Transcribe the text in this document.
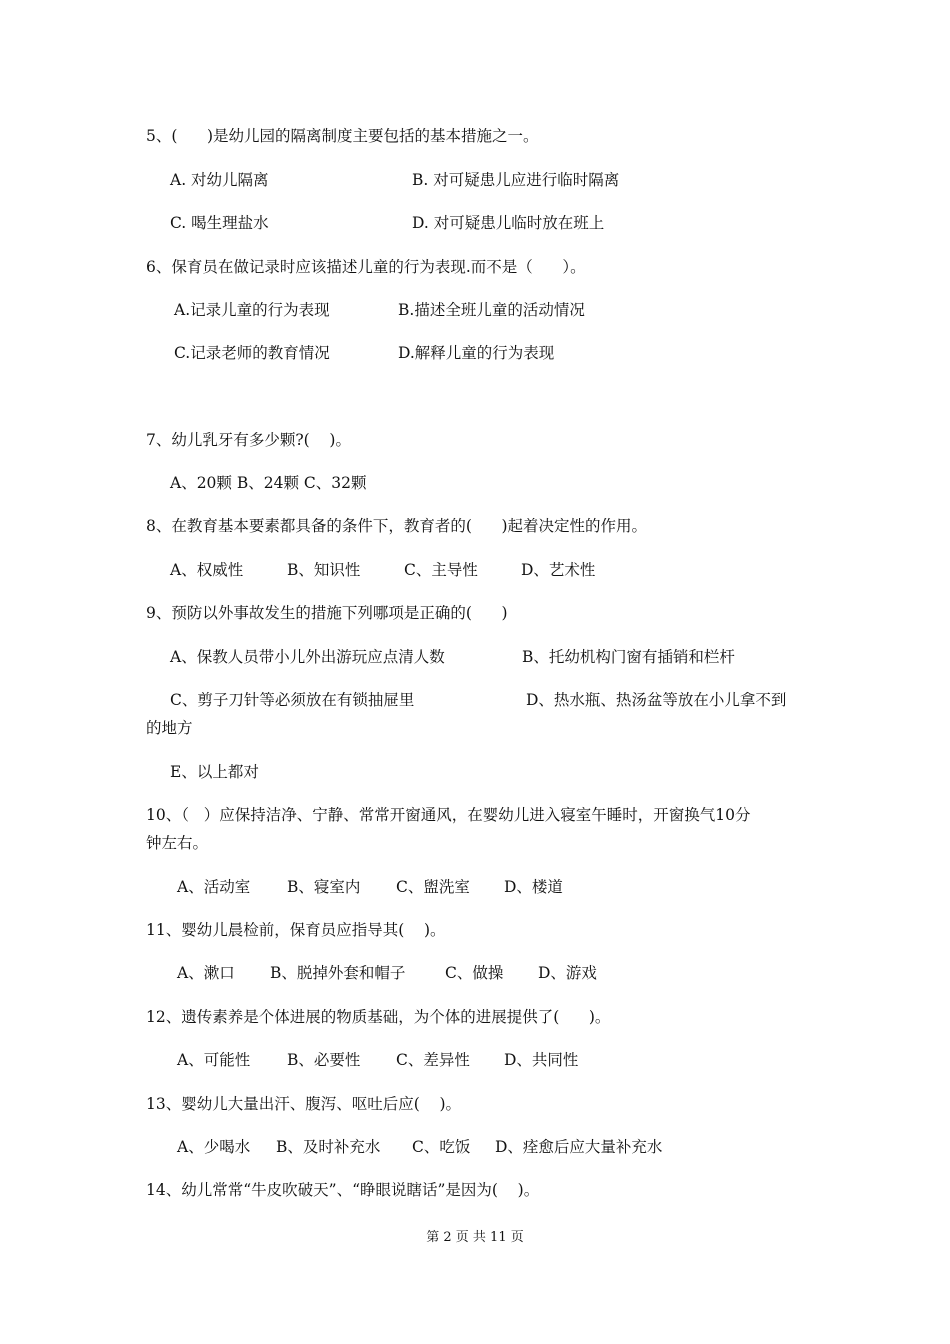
5、(      )是幼儿园的隔离制度主要包括的基本措施之一。
A. 对幼儿隔离	B. 对可疑患儿应进行临时隔离
C. 喝生理盐水	D. 对可疑患儿临时放在班上
6、保育员在做记录时应该描述儿童的行为表现.而不是（      ）。
A.记录儿童的行为表现	B.描述全班儿童的活动情况
C.记录老师的教育情况	D.解释儿童的行为表现
7、幼儿乳牙有多少颗?(    )。
A、20颗 B、24颗 C、32颗
8、在教育基本要素都具备的条件下，教育者的(      )起着决定性的作用。
A、权威性	B、知识性	C、主导性	D、艺术性
9、预防以外事故发生的措施下列哪项是正确的(      )
A、保教人员带小儿外出游玩应点清人数	B、托幼机构门窗有插销和栏杆
C、剪子刀针等必须放在有锁抽屉里	D、热水瓶、热汤盆等放在小儿拿不到
的地方
E、以上都对
10、（   ）应保持洁净、宁静、常常开窗通风，在婴幼儿进入寝室午睡时，开窗换气10分
钟左右。
A、活动室 B、寝室内 C、盥洗室 D、楼道
11、婴幼儿晨检前，保育员应指导其(    )。
A、漱口 B、脱掉外套和帽子	C、做操 D、游戏
12、遗传素养是个体进展的物质基础，为个体的进展提供了(      )。
A、可能性 B、必要性 C、差异性 D、共同性
13、婴幼儿大量出汗、腹泻、呕吐后应(    )。
A、少喝水 B、及时补充水 C、吃饭 D、痊愈后应大量补充水
14、幼儿常常“牛皮吹破天”、“睁眼说瞎话”是因为(    )。
第 2 页 共 11 页
